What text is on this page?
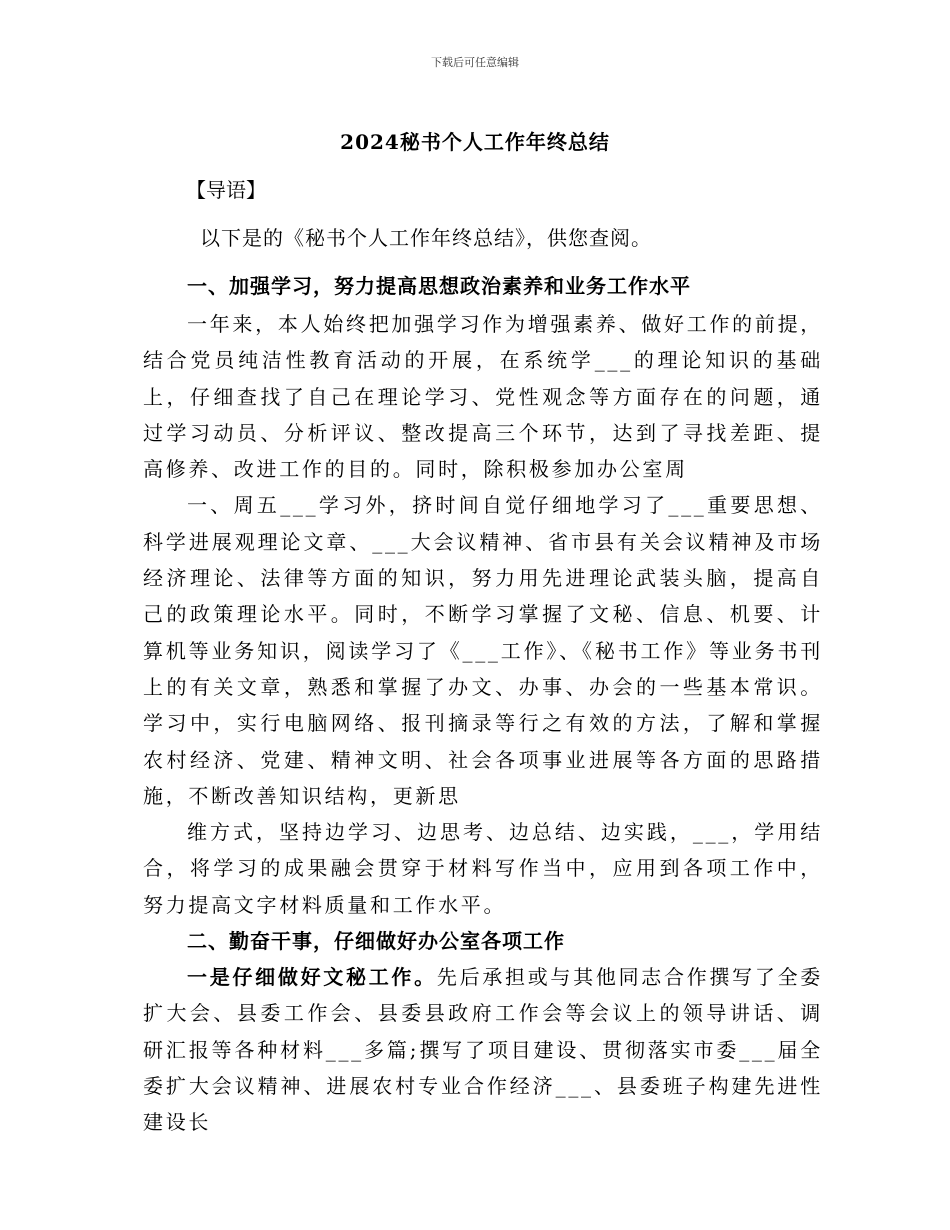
下载后可任意编辑
2024秘书个人工作年终总结
【导语】
以下是的《秘书个人工作年终总结》，供您查阅。

一、加强学习，努力提高思想政治素养和业务工作水平

一年来，本人始终把加强学习作为增强素养、做好工作的前提，结合党员纯洁性教育活动的开展，在系统学___的理论知识的基础上，仔细查找了自己在理论学习、党性观念等方面存在的问题，通过学习动员、分析评议、整改提高三个环节，达到了寻找差距、提高修养、改进工作的目的。同时，除积极参加办公室周

一、周五___学习外，挤时间自觉仔细地学习了___重要思想、科学进展观理论文章、___大会议精神、省市县有关会议精神及市场经济理论、法律等方面的知识，努力用先进理论武装头脑，提高自己的政策理论水平。同时，不断学习掌握了文秘、信息、机要、计算机等业务知识，阅读学习了《___工作》、《秘书工作》等业务书刊上的有关文章，熟悉和掌握了办文、办事、办会的一些基本常识。学习中，实行电脑网络、报刊摘录等行之有效的方法，了解和掌握农村经济、党建、精神文明、社会各项事业进展等各方面的思路措施，不断改善知识结构，更新思

维方式，坚持边学习、边思考、边总结、边实践，___，学用结合，将学习的成果融会贯穿于材料写作当中，应用到各项工作中，努力提高文字材料质量和工作水平。

二、勤奋干事，仔细做好办公室各项工作

一是仔细做好文秘工作。先后承担或与其他同志合作撰写了全委扩大会、县委工作会、县委县政府工作会等会议上的领导讲话、调研汇报等各种材料___多篇;撰写了项目建设、贯彻落实市委___届全委扩大会议精神、进展农村专业合作经济___、县委班子构建先进性建设长
